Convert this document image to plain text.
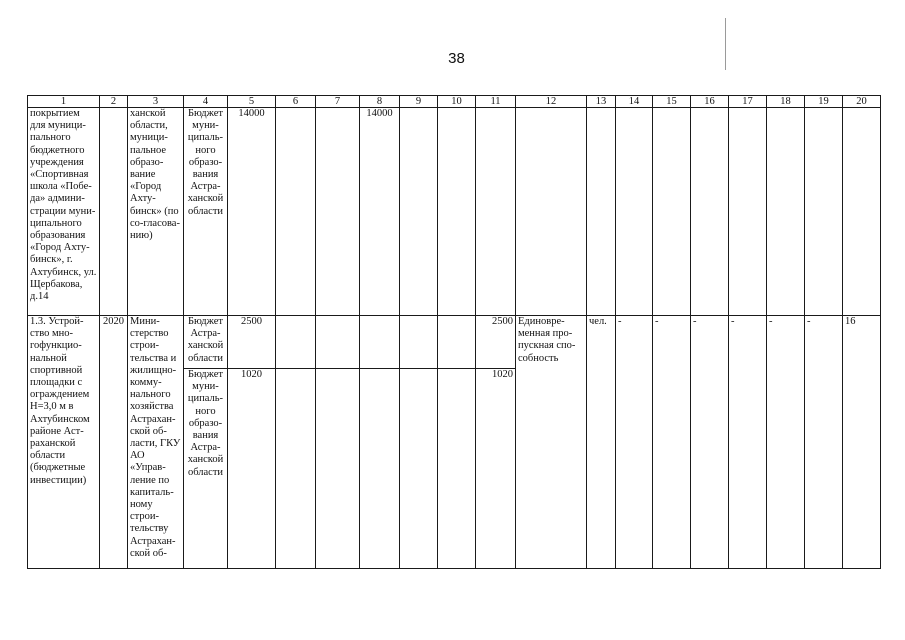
38
1	2	3	4	5	6	7	8	9	10	11	12	13	14	15	16	17	18	19	20
покрытием для муници-пального бюджетного учреждения «Спортивная школа «Побе-да» админи-страции муни-ципального образования «Город Ахту-бинск», г. Ахтубинск, ул. Щербакова, д.14		ханской области, муници-пальное образо-вание «Город Ахту-бинск» (по со-гласова-нию)	Бюджет муни-ципаль-ного образо-вания Астра-ханской области	14000			14000												
1.3. Устрой-ство мно-гофункцио-нальной спортивной площадки с ограждением Н=3,0 м в Ахтубинском районе Аст-раханской области (бюджетные инвестиции)	2020	Мини-стерство строи-тельства и жилищно-комму-нального хозяйства Астрахан-ской об-ласти, ГКУ АО «Управ-ление по капиталь-ному строи-тельству Астрахан-ской об-	Бюджет Астра-ханской области	2500						2500	Единовре-менная про-пускная спо-собность	чел.	-	-	-	-	-	-	16
			Бюджет муни-ципаль-ного образо-вания Астра-ханской области	1020						1020									
